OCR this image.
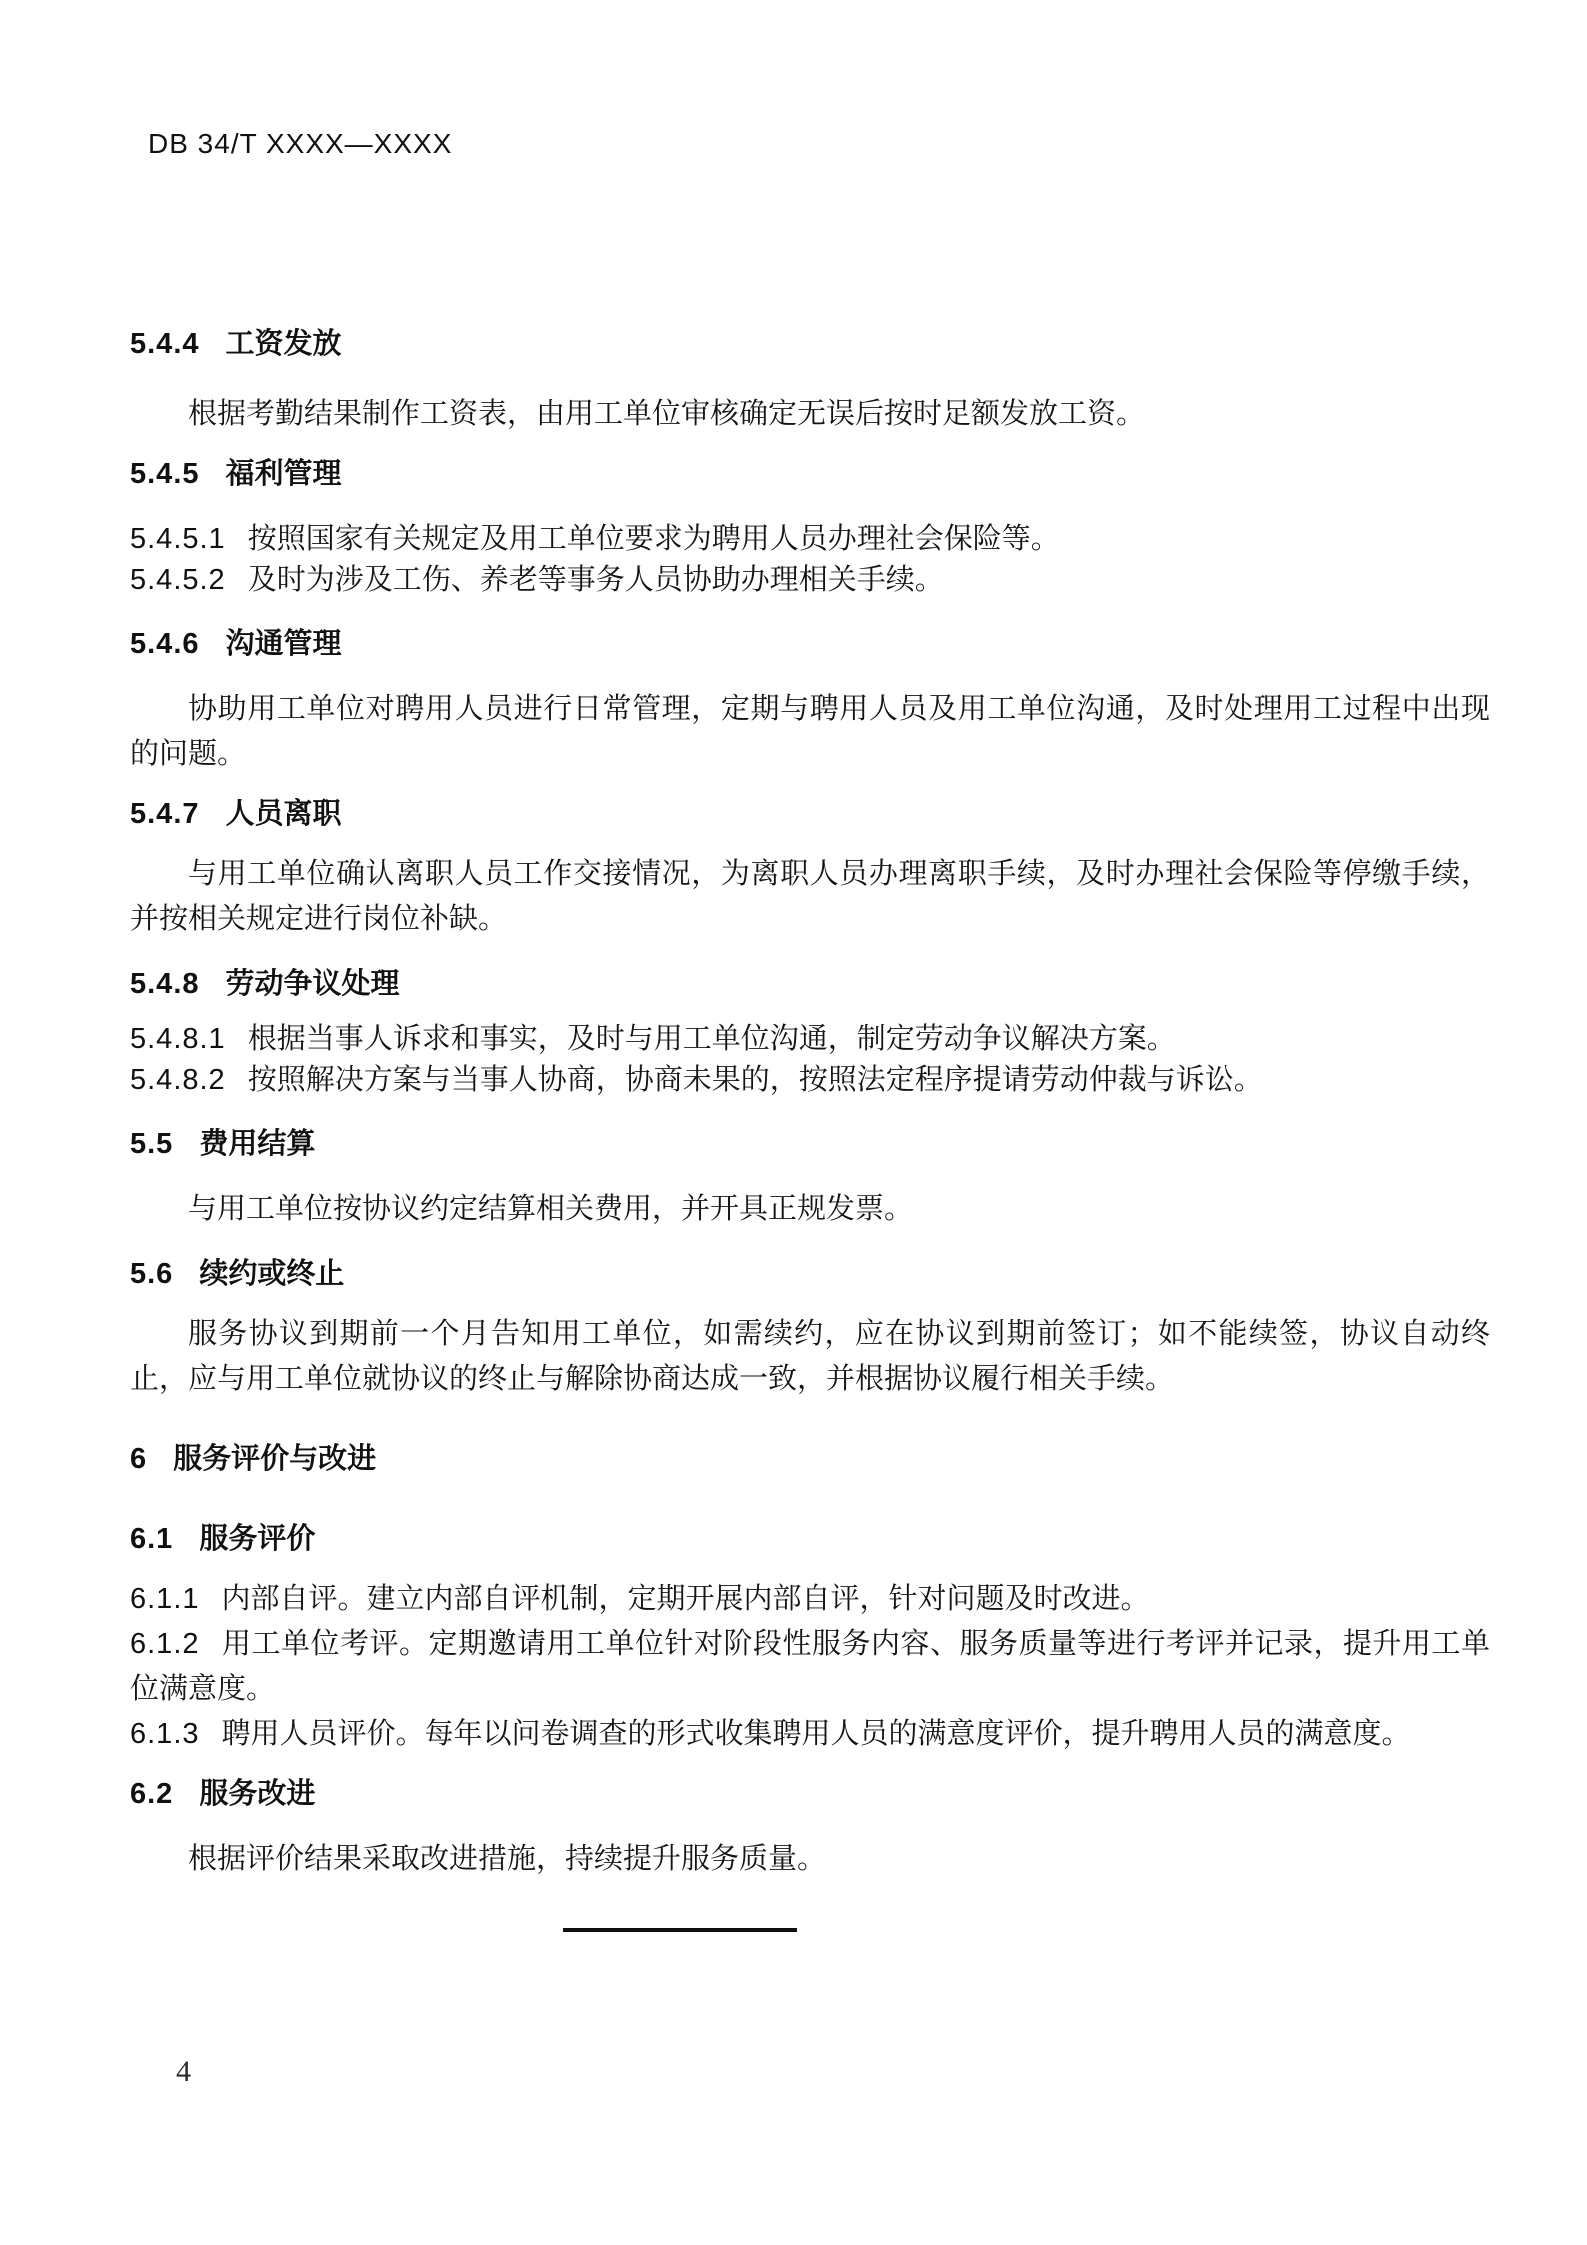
DB 34/T XXXX—XXXX
5.4.4 工资发放

根据考勤结果制作工资表，由用工单位审核确定无误后按时足额发放工资。

5.4.5 福利管理
5.4.5.1 按照国家有关规定及用工单位要求为聘用人员办理社会保险等。
5.4.5.2 及时为涉及工伤、养老等事务人员协助办理相关手续。
5.4.6 沟通管理

协助用工单位对聘用人员进行日常管理，定期与聘用人员及用工单位沟通，及时处理用工过程中出现的问题。

5.4.7 人员离职

与用工单位确认离职人员工作交接情况，为离职人员办理离职手续，及时办理社会保险等停缴手续，并按相关规定进行岗位补缺。

5.4.8 劳动争议处理
5.4.8.1 根据当事人诉求和事实，及时与用工单位沟通，制定劳动争议解决方案。
5.4.8.2 按照解决方案与当事人协商，协商未果的，按照法定程序提请劳动仲裁与诉讼。
5.5 费用结算

与用工单位按协议约定结算相关费用，并开具正规发票。

5.6 续约或终止

服务协议到期前一个月告知用工单位，如需续约，应在协议到期前签订；如不能续签，协议自动终止，应与用工单位就协议的终止与解除协商达成一致，并根据协议履行相关手续。

6 服务评价与改进
6.1 服务评价
6.1.1 内部自评。建立内部自评机制，定期开展内部自评，针对问题及时改进。
6.1.2 用工单位考评。定期邀请用工单位针对阶段性服务内容、服务质量等进行考评并记录，提升用工单位满意度。
6.1.3 聘用人员评价。每年以问卷调查的形式收集聘用人员的满意度评价，提升聘用人员的满意度。
6.2 服务改进

根据评价结果采取改进措施，持续提升服务质量。

4
